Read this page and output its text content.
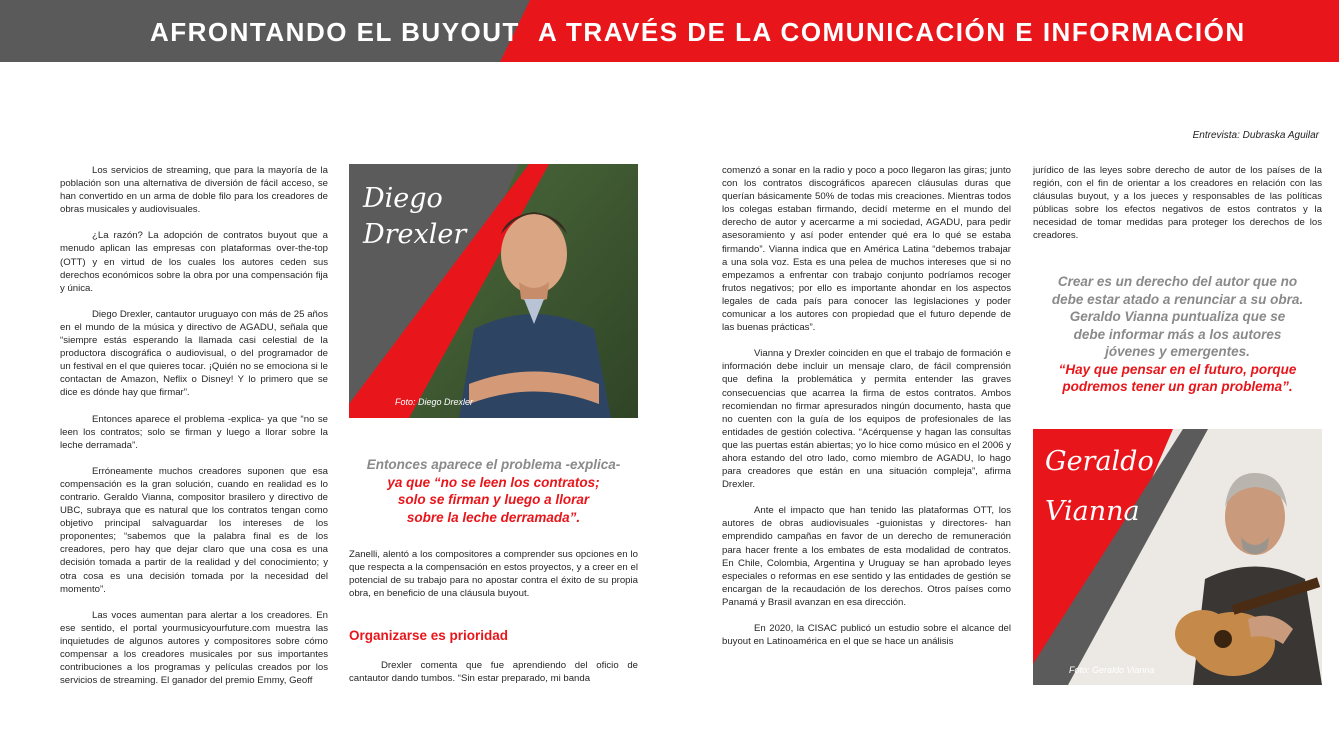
AFRONTANDO EL BUYOUT A TRAVÉS DE LA COMUNICACIÓN E INFORMACIÓN
Entrevista: Dubraska Aguilar

Los servicios de streaming, que para la mayoría de la población son una alternativa de diversión de fácil acceso, se han convertido en un arma de doble filo para los creadores de obras musicales y audiovisuales.

¿La razón? La adopción de contratos buyout que a menudo aplican las empresas con plataformas over-the-top (OTT) y en virtud de los cuales los autores ceden sus derechos económicos sobre la obra por una compensación fija y única.

Diego Drexler, cantautor uruguayo con más de 25 años en el mundo de la música y directivo de AGADU, señala que “siempre estás esperando la llamada casi celestial de la productora discográfica o audiovisual, o del programador de un festival en el que quieres tocar. ¡Quién no se emociona si le contactan de Amazon, Neflix o Disney! Y lo primero que se dice es dónde hay que firmar”.

Entonces aparece el problema -explica- ya que “no se leen los contratos; solo se firman y luego a llorar sobre la leche derramada”.

Erróneamente muchos creadores suponen que esa compensación es la gran solución, cuando en realidad es lo contrario. Geraldo Vianna, compositor brasilero y directivo de UBC, subraya que es natural que los contratos tengan como objetivo principal salvaguardar los intereses de los proponentes; “sabemos que la palabra final es de los creadores, pero hay que dejar claro que una cosa es una decisión tomada a partir de la realidad y del conocimiento; y otra cosa es una decisión tomada por la necesidad del momento”.

Las voces aumentan para alertar a los creadores. En ese sentido, el portal yourmusicyourfuture.com muestra las inquietudes de algunos autores y compositores sobre cómo compensar a los creadores musicales por sus importantes contribuciones a los programas y películas creados por los servicios de streaming. El ganador del premio Emmy, Geoff

Diego
Drexler
Foto: Diego Drexler
Entonces aparece el problema -explica-
ya que “no se leen los contratos;
solo se firman y luego a llorar
sobre la leche derramada”.

Zanelli, alentó a los compositores a comprender sus opciones en lo que respecta a la compensación en estos proyectos, y a creer en el potencial de su trabajo para no apostar contra el éxito de su propia obra, en beneficio de una cláusula buyout.

Organizarse es prioridad

Drexler comenta que fue aprendiendo del oficio de cantautor dando tumbos. “Sin estar preparado, mi banda

comenzó a sonar en la radio y poco a poco llegaron las giras; junto con los contratos discográficos aparecen cláusulas duras que querían básicamente 50% de todas mis creaciones. Mientras todos los colegas estaban firmando, decidí meterme en el mundo del derecho de autor y acercarme a mi sociedad, AGADU, para pedir asesoramiento y así poder entender qué era lo qué se estaba firmando”. Vianna indica que en América Latina “debemos trabajar a una sola voz. Esta es una pelea de muchos intereses que si no empezamos a enfrentar con trabajo conjunto podríamos recoger frutos negativos; por ello es importante ahondar en los aspectos legales de cada país para conocer las legislaciones y poder comunicar a los autores con propiedad que el futuro depende de las buenas prácticas”.

Vianna y Drexler coinciden en que el trabajo de formación e información debe incluir un mensaje claro, de fácil comprensión que defina la problemática y permita entender las graves consecuencias que acarrea la firma de estos contratos. Ambos recomiendan no firmar apresurados ningún documento, hasta que no cuenten con la guía de los equipos de profesionales de las entidades de gestión colectiva. “Acérquense y hagan las consultas que las puertas están abiertas; yo lo hice como músico en el 2006 y ahora estando del otro lado, como miembro de AGADU, lo hago para creadores que están en una situación compleja”, afirma Drexler.

Ante el impacto que han tenido las plataformas OTT, los autores de obras audiovisuales -guionistas y directores- han emprendido campañas en favor de un derecho de remuneración para hacer frente a los embates de esta modalidad de contratos. En Chile, Colombia, Argentina y Uruguay se han aprobado leyes especiales o reformas en ese sentido y las entidades de gestión se encargan de la recaudación de los derechos. Otros países como Panamá y Brasil avanzan en esa dirección.

En 2020, la CISAC publicó un estudio sobre el alcance del buyout en Latinoamérica en el que se hace un análisis

jurídico de las leyes sobre derecho de autor de los países de la región, con el fin de orientar a los creadores en relación con las cláusulas buyout, y a los jueces y responsables de las políticas públicas sobre los efectos negativos de estos contratos y la necesidad de tomar medidas para proteger los derechos de los creadores.

Crear es un derecho del autor que no
debe estar atado a renunciar a su obra.
Geraldo Vianna puntualiza que se
debe informar más a los autores
jóvenes y emergentes.
“Hay que pensar en el futuro, porque
podremos tener un gran problema”.
Geraldo
Vianna
Foto: Geraldo Vianna
